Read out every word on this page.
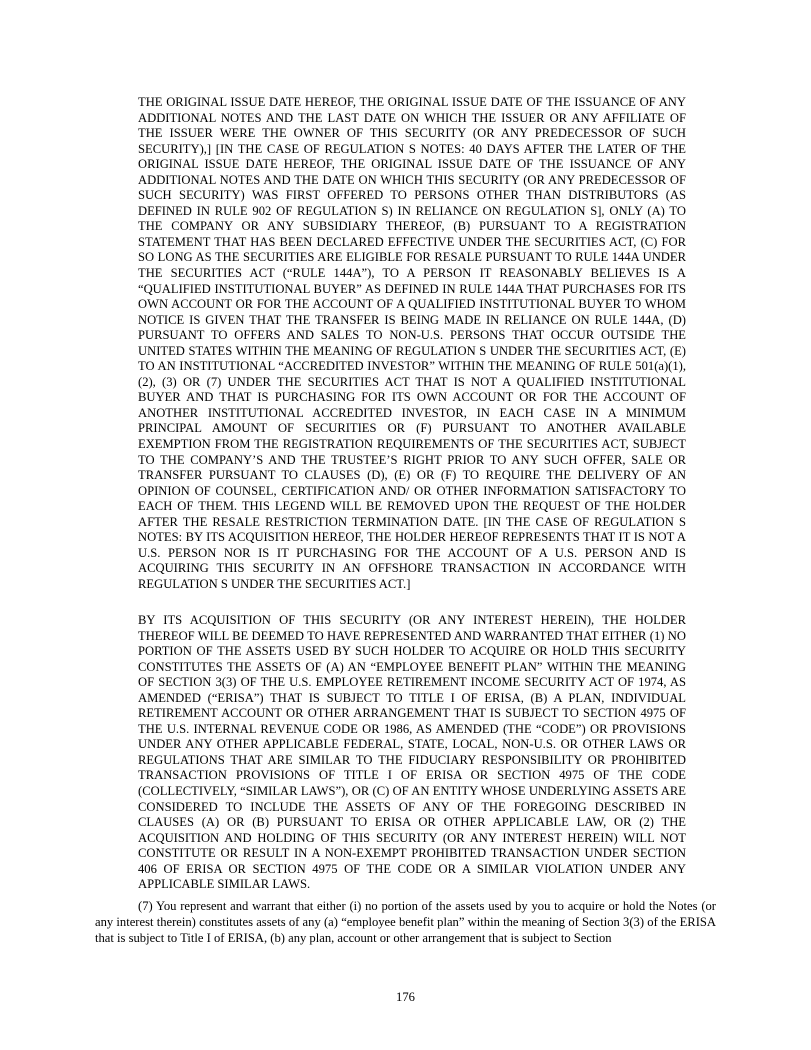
THE ORIGINAL ISSUE DATE HEREOF, THE ORIGINAL ISSUE DATE OF THE ISSUANCE OF ANY ADDITIONAL NOTES AND THE LAST DATE ON WHICH THE ISSUER OR ANY AFFILIATE OF THE ISSUER WERE THE OWNER OF THIS SECURITY (OR ANY PREDECESSOR OF SUCH SECURITY),] [IN THE CASE OF REGULATION S NOTES: 40 DAYS AFTER THE LATER OF THE ORIGINAL ISSUE DATE HEREOF, THE ORIGINAL ISSUE DATE OF THE ISSUANCE OF ANY ADDITIONAL NOTES AND THE DATE ON WHICH THIS SECURITY (OR ANY PREDECESSOR OF SUCH SECURITY) WAS FIRST OFFERED TO PERSONS OTHER THAN DISTRIBUTORS (AS DEFINED IN RULE 902 OF REGULATION S) IN RELIANCE ON REGULATION S], ONLY (A) TO THE COMPANY OR ANY SUBSIDIARY THEREOF, (B) PURSUANT TO A REGISTRATION STATEMENT THAT HAS BEEN DECLARED EFFECTIVE UNDER THE SECURITIES ACT, (C) FOR SO LONG AS THE SECURITIES ARE ELIGIBLE FOR RESALE PURSUANT TO RULE 144A UNDER THE SECURITIES ACT (“RULE 144A”), TO A PERSON IT REASONABLY BELIEVES IS A “QUALIFIED INSTITUTIONAL BUYER” AS DEFINED IN RULE 144A THAT PURCHASES FOR ITS OWN ACCOUNT OR FOR THE ACCOUNT OF A QUALIFIED INSTITUTIONAL BUYER TO WHOM NOTICE IS GIVEN THAT THE TRANSFER IS BEING MADE IN RELIANCE ON RULE 144A, (D) PURSUANT TO OFFERS AND SALES TO NON-U.S. PERSONS THAT OCCUR OUTSIDE THE UNITED STATES WITHIN THE MEANING OF REGULATION S UNDER THE SECURITIES ACT, (E) TO AN INSTITUTIONAL “ACCREDITED INVESTOR” WITHIN THE MEANING OF RULE 501(a)(1), (2), (3) OR (7) UNDER THE SECURITIES ACT THAT IS NOT A QUALIFIED INSTITUTIONAL BUYER AND THAT IS PURCHASING FOR ITS OWN ACCOUNT OR FOR THE ACCOUNT OF ANOTHER INSTITUTIONAL ACCREDITED INVESTOR, IN EACH CASE IN A MINIMUM PRINCIPAL AMOUNT OF SECURITIES OR (F) PURSUANT TO ANOTHER AVAILABLE EXEMPTION FROM THE REGISTRATION REQUIREMENTS OF THE SECURITIES ACT, SUBJECT TO THE COMPANY’S AND THE TRUSTEE’S RIGHT PRIOR TO ANY SUCH OFFER, SALE OR TRANSFER PURSUANT TO CLAUSES (D), (E) OR (F) TO REQUIRE THE DELIVERY OF AN OPINION OF COUNSEL, CERTIFICATION AND/ OR OTHER INFORMATION SATISFACTORY TO EACH OF THEM. THIS LEGEND WILL BE REMOVED UPON THE REQUEST OF THE HOLDER AFTER THE RESALE RESTRICTION TERMINATION DATE. [IN THE CASE OF REGULATION S NOTES: BY ITS ACQUISITION HEREOF, THE HOLDER HEREOF REPRESENTS THAT IT IS NOT A U.S. PERSON NOR IS IT PURCHASING FOR THE ACCOUNT OF A U.S. PERSON AND IS ACQUIRING THIS SECURITY IN AN OFFSHORE TRANSACTION IN ACCORDANCE WITH REGULATION S UNDER THE SECURITIES ACT.]

BY ITS ACQUISITION OF THIS SECURITY (OR ANY INTEREST HEREIN), THE HOLDER THEREOF WILL BE DEEMED TO HAVE REPRESENTED AND WARRANTED THAT EITHER (1) NO PORTION OF THE ASSETS USED BY SUCH HOLDER TO ACQUIRE OR HOLD THIS SECURITY CONSTITUTES THE ASSETS OF (A) AN “EMPLOYEE BENEFIT PLAN” WITHIN THE MEANING OF SECTION 3(3) OF THE U.S. EMPLOYEE RETIREMENT INCOME SECURITY ACT OF 1974, AS AMENDED (“ERISA”) THAT IS SUBJECT TO TITLE I OF ERISA, (B) A PLAN, INDIVIDUAL RETIREMENT ACCOUNT OR OTHER ARRANGEMENT THAT IS SUBJECT TO SECTION 4975 OF THE U.S. INTERNAL REVENUE CODE OR 1986, AS AMENDED (THE “CODE”) OR PROVISIONS UNDER ANY OTHER APPLICABLE FEDERAL, STATE, LOCAL, NON-U.S. OR OTHER LAWS OR REGULATIONS THAT ARE SIMILAR TO THE FIDUCIARY RESPONSIBILITY OR PROHIBITED TRANSACTION PROVISIONS OF TITLE I OF ERISA OR SECTION 4975 OF THE CODE (COLLECTIVELY, “SIMILAR LAWS”), OR (C) OF AN ENTITY WHOSE UNDERLYING ASSETS ARE CONSIDERED TO INCLUDE THE ASSETS OF ANY OF THE FOREGOING DESCRIBED IN CLAUSES (A) OR (B) PURSUANT TO ERISA OR OTHER APPLICABLE LAW, OR (2) THE ACQUISITION AND HOLDING OF THIS SECURITY (OR ANY INTEREST HEREIN) WILL NOT CONSTITUTE OR RESULT IN A NON-EXEMPT PROHIBITED TRANSACTION UNDER SECTION 406 OF ERISA OR SECTION 4975 OF THE CODE OR A SIMILAR VIOLATION UNDER ANY APPLICABLE SIMILAR LAWS.

(7) You represent and warrant that either (i) no portion of the assets used by you to acquire or hold the Notes (or any interest therein) constitutes assets of any (a) “employee benefit plan” within the meaning of Section 3(3) of the ERISA that is subject to Title I of ERISA, (b) any plan, account or other arrangement that is subject to Section

176
